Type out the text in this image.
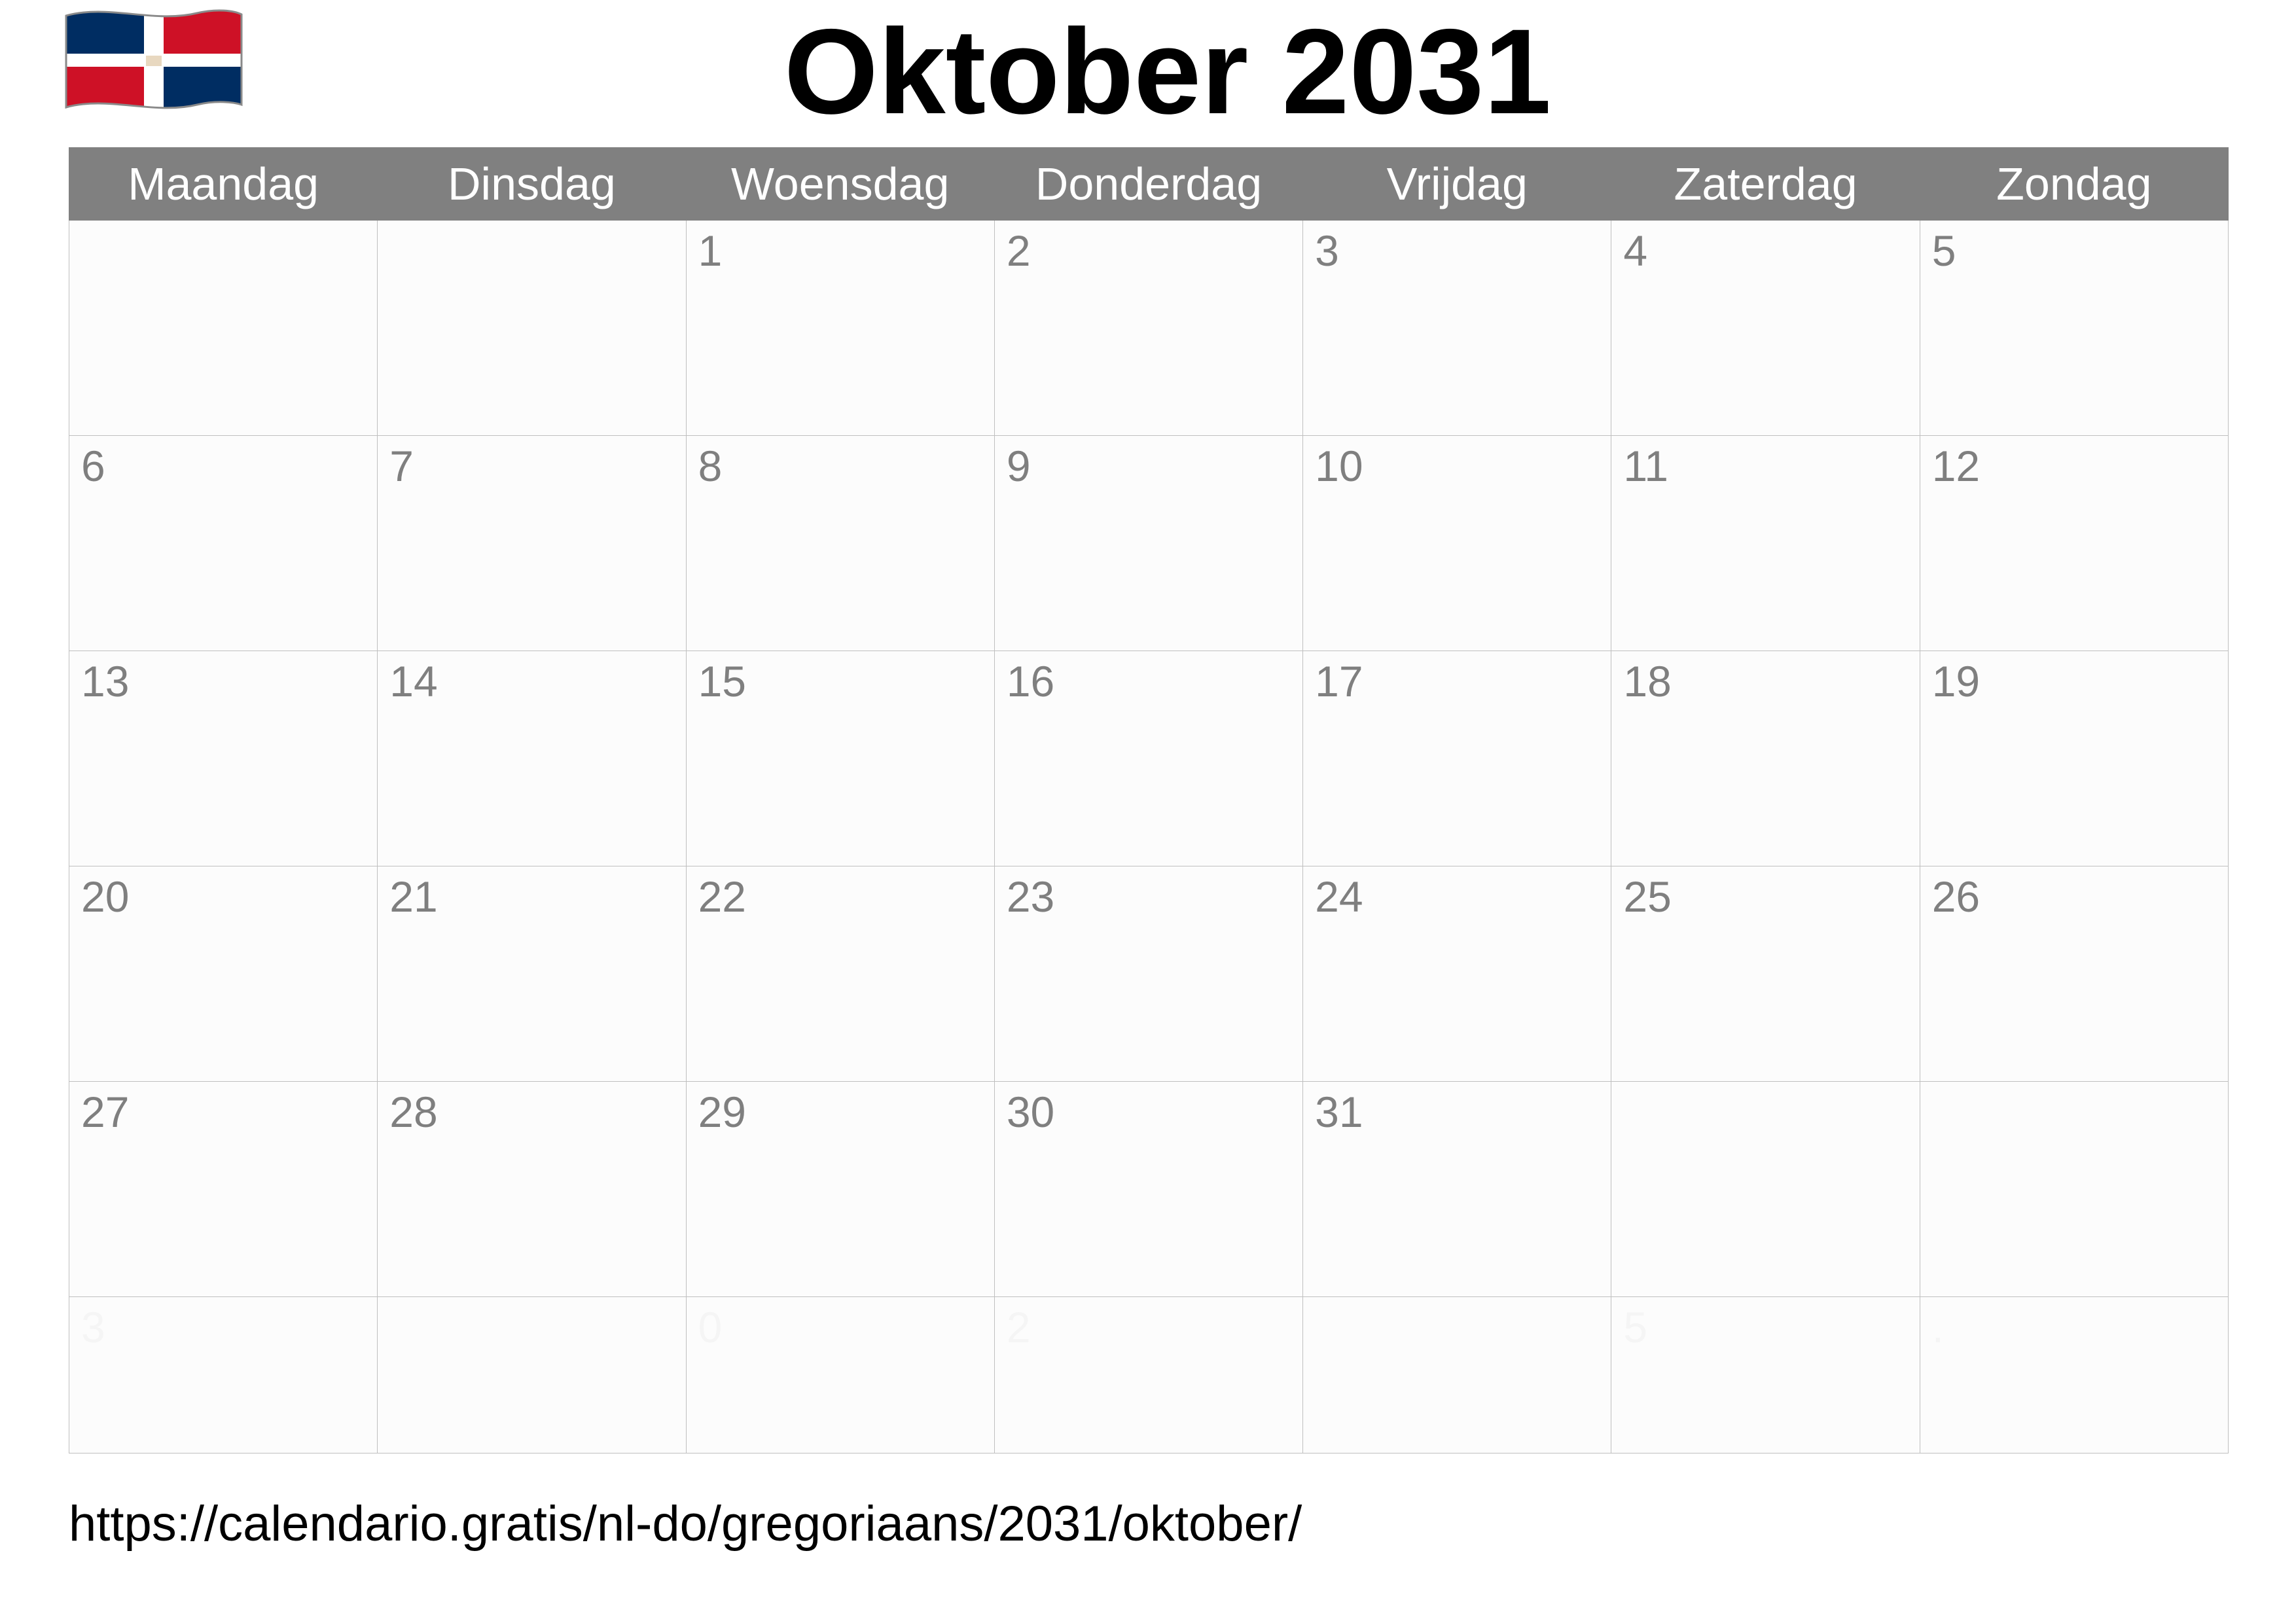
Oktober 2031
Maandag	Dinsdag	Woensdag	Donderdag	Vrijdag	Zaterdag	Zondag
		1	2	3	4	5
6	7	8	9	10	11	12
13	14	15	16	17	18	19
20	21	22	23	24	25	26
27	28	29	30	31		
3		0	2		5	.
https://calendario.gratis/nl-do/gregoriaans/2031/oktober/
